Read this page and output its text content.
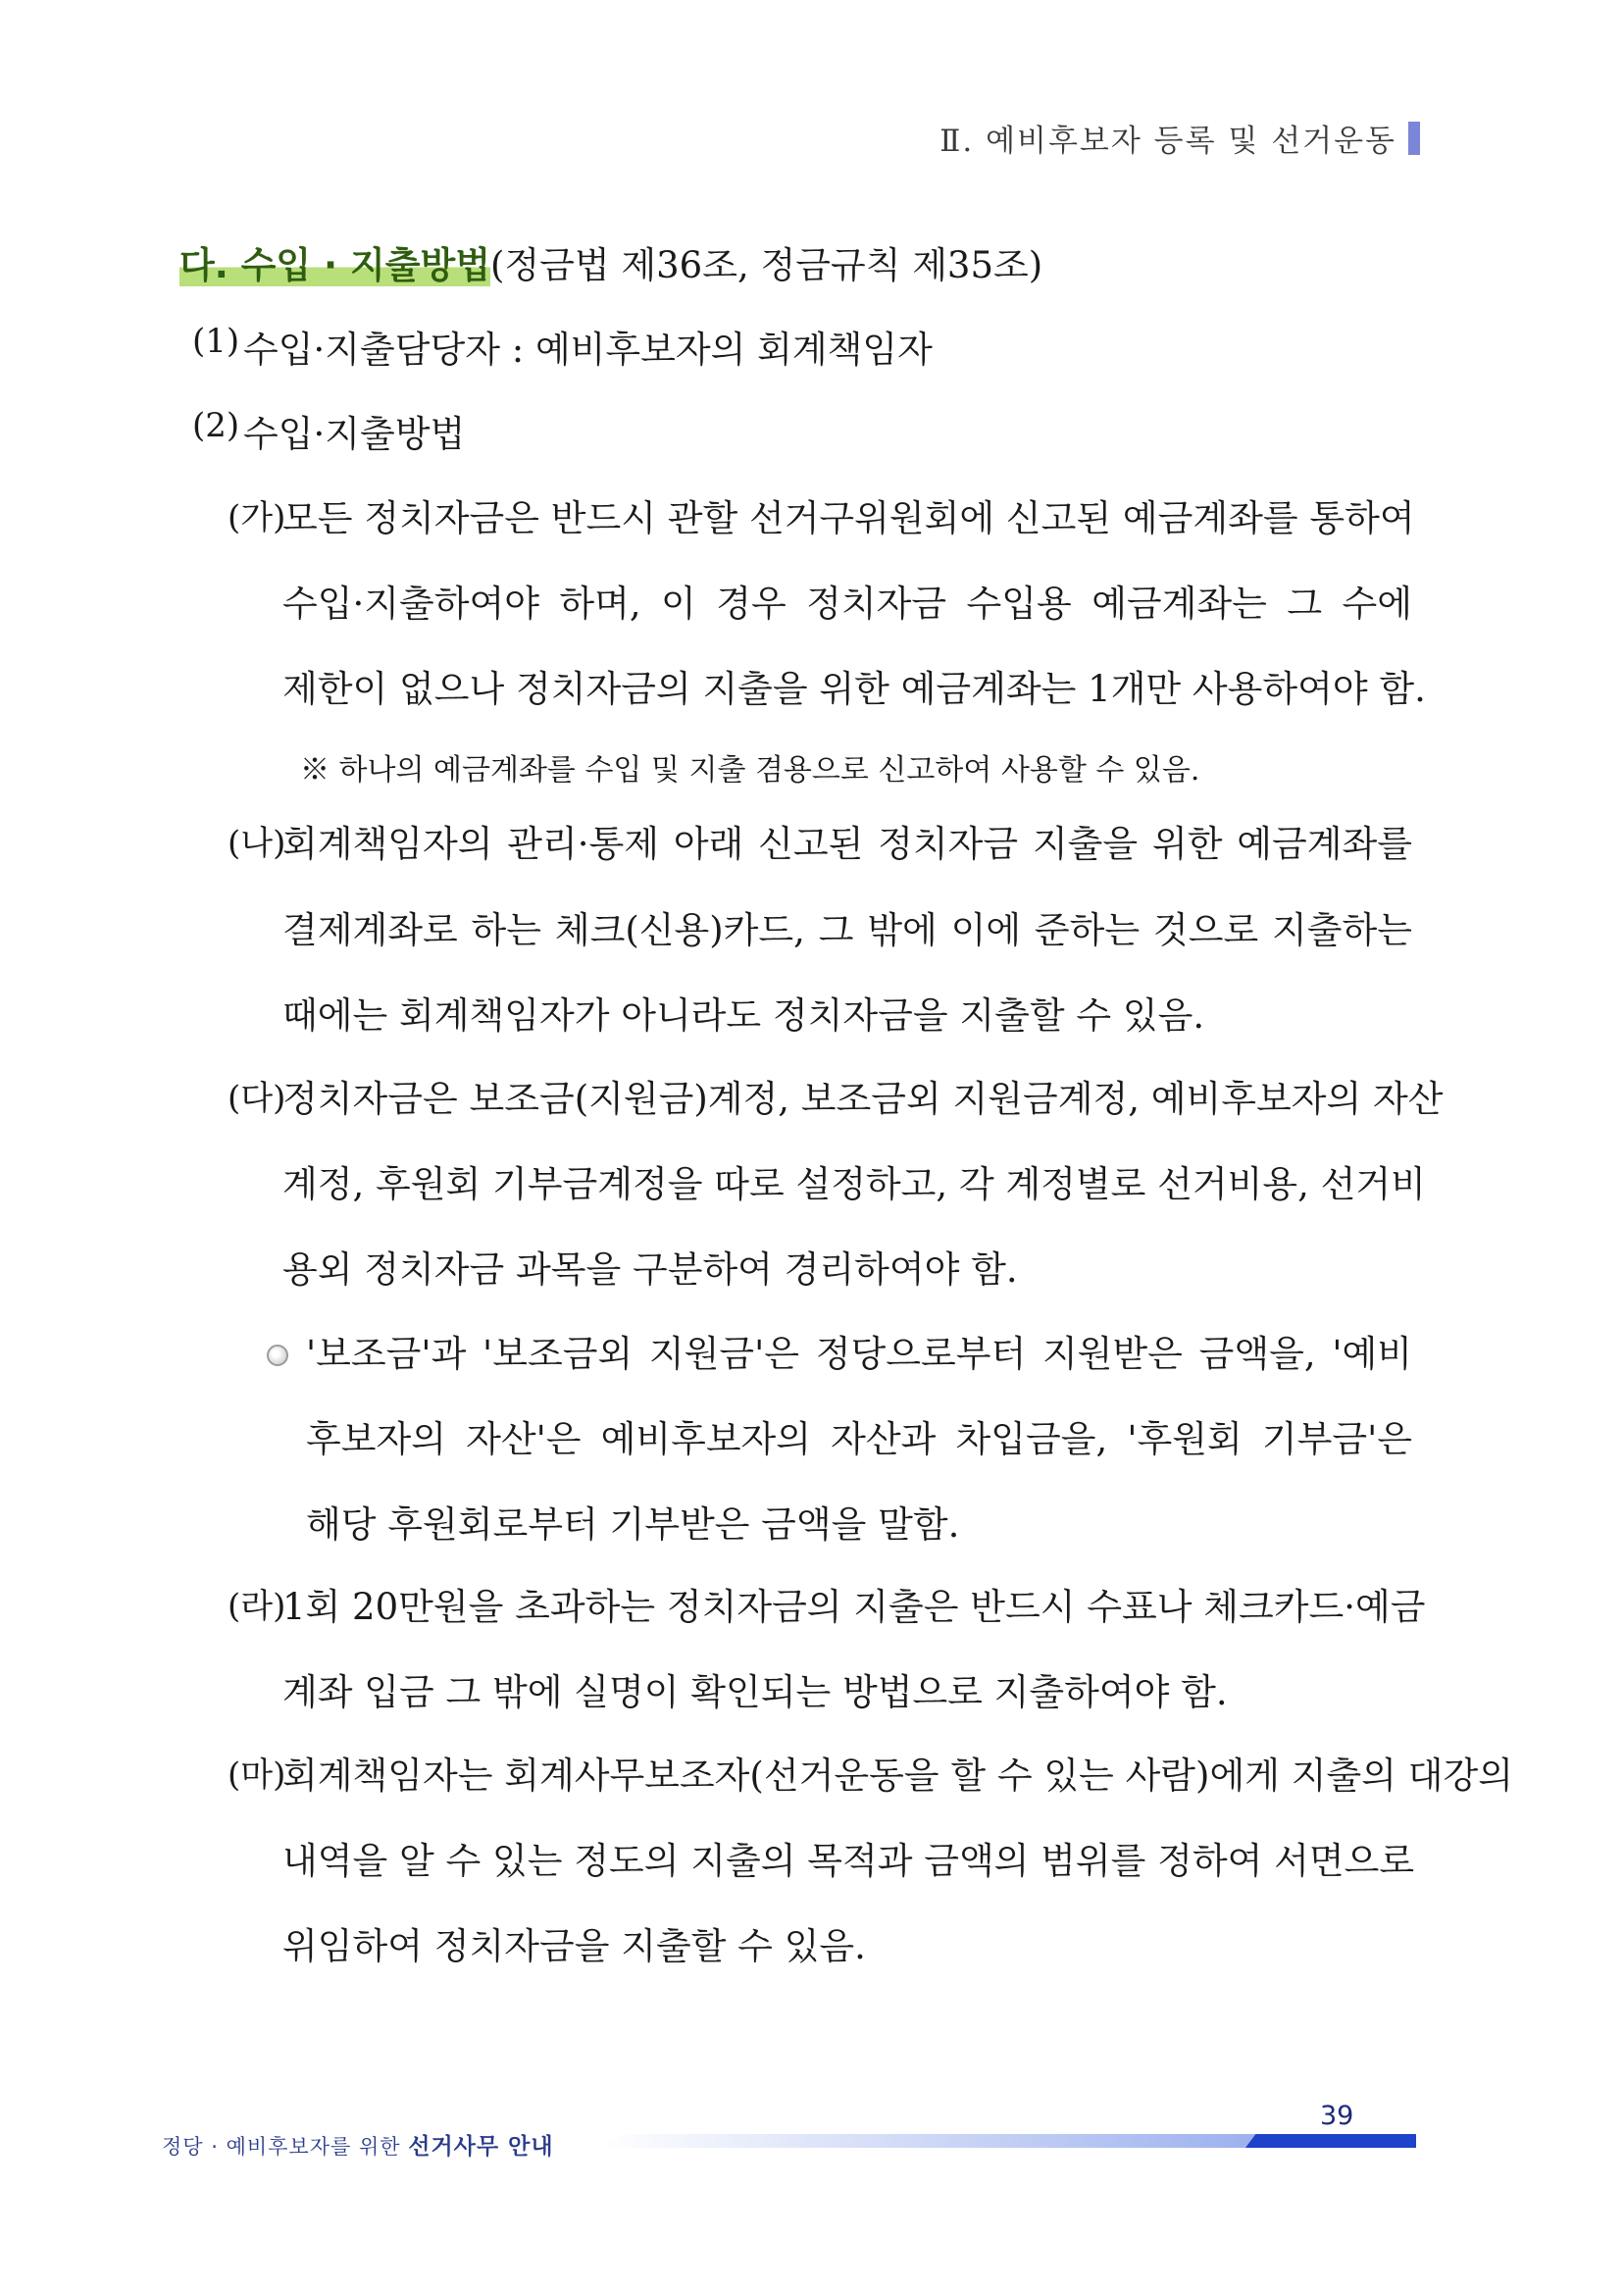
Ⅱ. 예비후보자 등록 및 선거운동
다. 수입 · 지출방법(정금법 제36조, 정금규칙 제35조)
(1) 수입·지출담당자 : 예비후보자의 회계책임자
(2) 수입·지출방법
(가)
모든 정치자금은 반드시 관할 선거구위원회에 신고된 예금계좌를 통하여
수입·지출하여야 하며, 이 경우 정치자금 수입용 예금계좌는 그 수에
제한이 없으나 정치자금의 지출을 위한 예금계좌는 1개만 사용하여야 함.
※ 하나의 예금계좌를 수입 및 지출 겸용으로 신고하여 사용할 수 있음.
(나)
회계책임자의 관리·통제 아래 신고된 정치자금 지출을 위한 예금계좌를
결제계좌로 하는 체크(신용)카드, 그 밖에 이에 준하는 것으로 지출하는
때에는 회계책임자가 아니라도 정치자금을 지출할 수 있음.
(다)
정치자금은 보조금(지원금)계정, 보조금외 지원금계정, 예비후보자의 자산
계정, 후원회 기부금계정을 따로 설정하고, 각 계정별로 선거비용, 선거비
용외 정치자금 과목을 구분하여 경리하여야 함.
'보조금'과 '보조금외 지원금'은 정당으로부터 지원받은 금액을, '예비
후보자의 자산'은 예비후보자의 자산과 차입금을, '후원회 기부금'은
해당 후원회로부터 기부받은 금액을 말함.
(라)
1회 20만원을 초과하는 정치자금의 지출은 반드시 수표나 체크카드·예금
계좌 입금 그 밖에 실명이 확인되는 방법으로 지출하여야 함.
(마)
회계책임자는 회계사무보조자(선거운동을 할 수 있는 사람)에게 지출의 대강의
내역을 알 수 있는 정도의 지출의 목적과 금액의 범위를 정하여 서면으로
위임하여 정치자금을 지출할 수 있음.
39
정당 · 예비후보자를 위한 선거사무 안내
